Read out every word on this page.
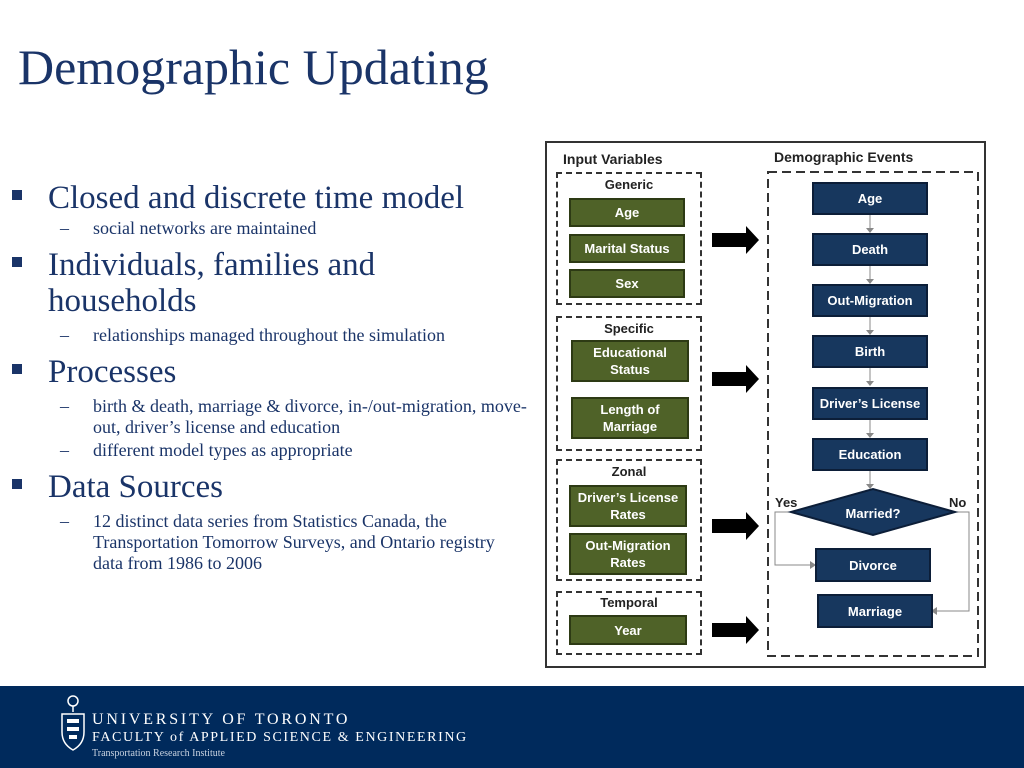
Demographic Updating
Closed and discrete time model
– social networks are maintained
Individuals, families and households
– relationships managed throughout the simulation
Processes
– birth & death, marriage & divorce, in-/out-migration, move-out, driver’s license and education
– different model types as appropriate
Data Sources
– 12 distinct data series from Statistics Canada, the Transportation Tomorrow Surveys, and Ontario registry data from 1986 to 2006
Input Variables	Demographic Events
Generic
Age
Marital Status
Sex
Specific
Educational Status
Length of Marriage
Zonal
Driver’s License Rates
Out-Migration Rates
Temporal
Year
Age
Death
Out-Migration
Birth
Driver’s License
Education
Married?
Yes	No
Divorce
Marriage
UNIVERSITY OF TORONTO
FACULTY of APPLIED SCIENCE & ENGINEERING
Transportation Research Institute
